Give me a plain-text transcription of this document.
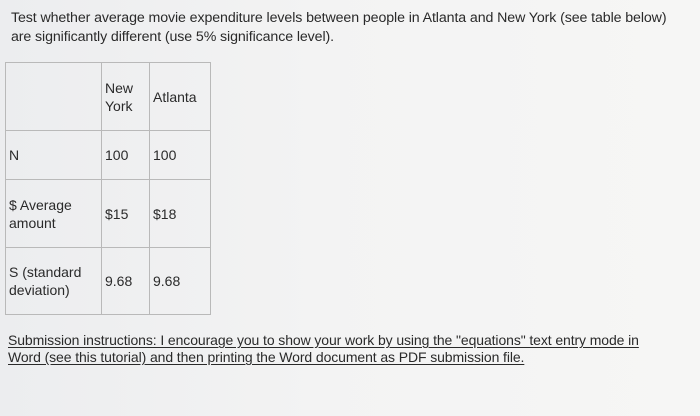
Test whether average movie expenditure levels between people in Atlanta and New York (see table below)
are significantly different (use 5% significance level).
	New
York	Atlanta
N	100	100
$ Average
amount	$15	$18
S (standard
deviation)	9.68	9.68
Submission instructions: I encourage you to show your work by using the "equations" text entry mode in
Word (see this tutorial) and then printing the Word document as PDF submission file.
